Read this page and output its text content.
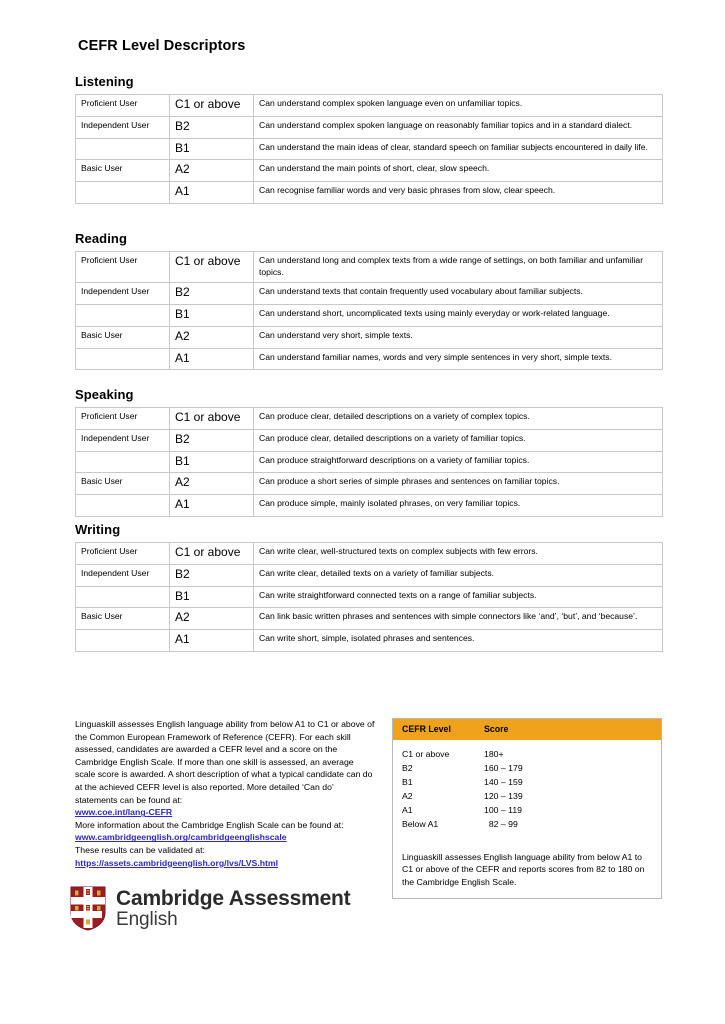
CEFR Level Descriptors
Listening
Proficient User	C1 or above	Can understand complex spoken language even on unfamiliar topics.
Independent User	B2	Can understand complex spoken language on reasonably familiar topics and in a standard dialect.
	B1	Can understand the main ideas of clear, standard speech on familiar subjects encountered in daily life.
Basic User	A2	Can understand the main points of short, clear, slow speech.
	A1	Can recognise familiar words and very basic phrases from slow, clear speech.
Reading
Proficient User	C1 or above	Can understand long and complex texts from a wide range of settings, on both familiar and unfamiliar topics.
Independent User	B2	Can understand texts that contain frequently used vocabulary about familiar subjects.
	B1	Can understand short, uncomplicated texts using mainly everyday or work-related language.
Basic User	A2	Can understand very short, simple texts.
	A1	Can understand familiar names, words and very simple sentences in very short, simple texts.
Speaking
Proficient User	C1 or above	Can produce clear, detailed descriptions on a variety of complex topics.
Independent User	B2	Can produce clear, detailed descriptions on a variety of familiar topics.
	B1	Can produce straightforward descriptions on a variety of familiar topics.
Basic User	A2	Can produce a short series of simple phrases and sentences on familiar topics.
	A1	Can produce simple, mainly isolated phrases, on very familiar topics.
Writing
Proficient User	C1 or above	Can write clear, well-structured texts on complex subjects with few errors.
Independent User	B2	Can write clear, detailed texts on a variety of familiar subjects.
	B1	Can write straightforward connected texts on a range of familiar subjects.
Basic User	A2	Can link basic written phrases and sentences with simple connectors like ‘and’, ‘but’, and ‘because’.
	A1	Can write short, simple, isolated phrases and sentences.

Linguaskill assesses English language ability from below A1 to C1 or above of the Common European Framework of Reference (CEFR). For each skill assessed, candidates are awarded a CEFR level and a score on the Cambridge English Scale. If more than one skill is assessed, an average scale score is awarded. A short description of what a typical candidate can do at the achieved CEFR level is also reported. More detailed ‘Can do’ statements can be found at:

www.coe.int/lang-CEFR

More information about the Cambridge English Scale can be found at:

www.cambridgeenglish.org/cambridgeenglishscale

These results can be validated at:

https://assets.cambridgeenglish.org/lvs/LVS.html

CEFR Level	Score
C1 or above	180+
B2	160 – 179
B1	140 – 159
A2	120 – 139
A1	100 – 119
Below A1	82 – 99
Linguaskill assesses English language ability from below A1 to C1 or above of the CEFR and reports scores from 82 to 180 on the Cambridge English Scale.
Cambridge Assessment
English
